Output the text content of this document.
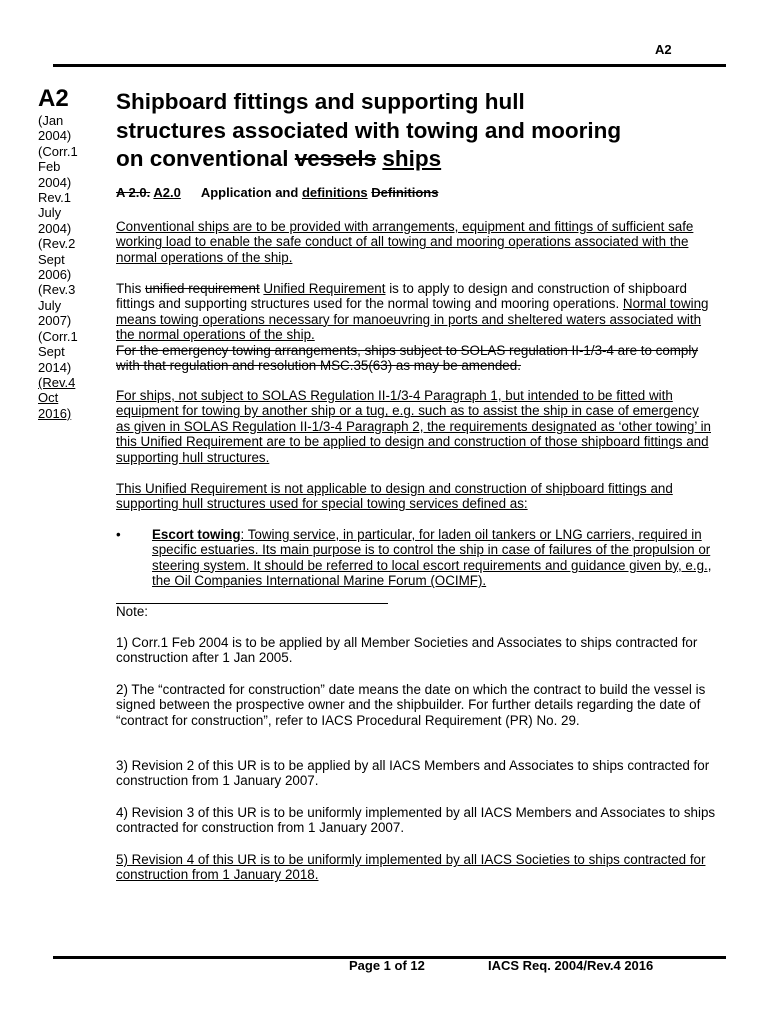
A2
A2
(Jan
2004)
(Corr.1
Feb
2004)
Rev.1
July
2004)
(Rev.2
Sept
2006)
(Rev.3
July
2007)
(Corr.1
Sept
2014)
(Rev.4
Oct
2016)
Shipboard fittings and supporting hull
structures associated with towing and mooring
on conventional vessels ships
A 2.0. A2.0 Application and definitions Definitions
Conventional ships are to be provided with arrangements, equipment and fittings of sufficient safe working load to enable the safe conduct of all towing and mooring operations associated with the normal operations of the ship.
This unified requirement Unified Requirement is to apply to design and construction of shipboard fittings and supporting structures used for the normal towing and mooring operations. Normal towing means towing operations necessary for manoeuvring in ports and sheltered waters associated with the normal operations of the ship.
For the emergency towing arrangements, ships subject to SOLAS regulation II-1/3-4 are to comply with that regulation and resolution MSC.35(63) as may be amended.
For ships, not subject to SOLAS Regulation II-1/3-4 Paragraph 1, but intended to be fitted with equipment for towing by another ship or a tug, e.g. such as to assist the ship in case of emergency as given in SOLAS Regulation II-1/3-4 Paragraph 2, the requirements designated as ‘other towing’ in this Unified Requirement are to be applied to design and construction of those shipboard fittings and supporting hull structures.
This Unified Requirement is not applicable to design and construction of shipboard fittings and supporting hull structures used for special towing services defined as:
• Escort towing: Towing service, in particular, for laden oil tankers or LNG carriers, required in specific estuaries. Its main purpose is to control the ship in case of failures of the propulsion or steering system. It should be referred to local escort requirements and guidance given by, e.g., the Oil Companies International Marine Forum (OCIMF).
Note:
1) Corr.1 Feb 2004 is to be applied by all Member Societies and Associates to ships contracted for construction after 1 Jan 2005.
2) The “contracted for construction” date means the date on which the contract to build the vessel is signed between the prospective owner and the shipbuilder. For further details regarding the date of “contract for construction”, refer to IACS Procedural Requirement (PR) No. 29.
3) Revision 2 of this UR is to be applied by all IACS Members and Associates to ships contracted for construction from 1 January 2007.
4) Revision 3 of this UR is to be uniformly implemented by all IACS Members and Associates to ships contracted for construction from 1 January 2007.
5) Revision 4 of this UR is to be uniformly implemented by all IACS Societies to ships contracted for construction from 1 January 2018.
Page 1 of 12	IACS Req. 2004/Rev.4 2016
